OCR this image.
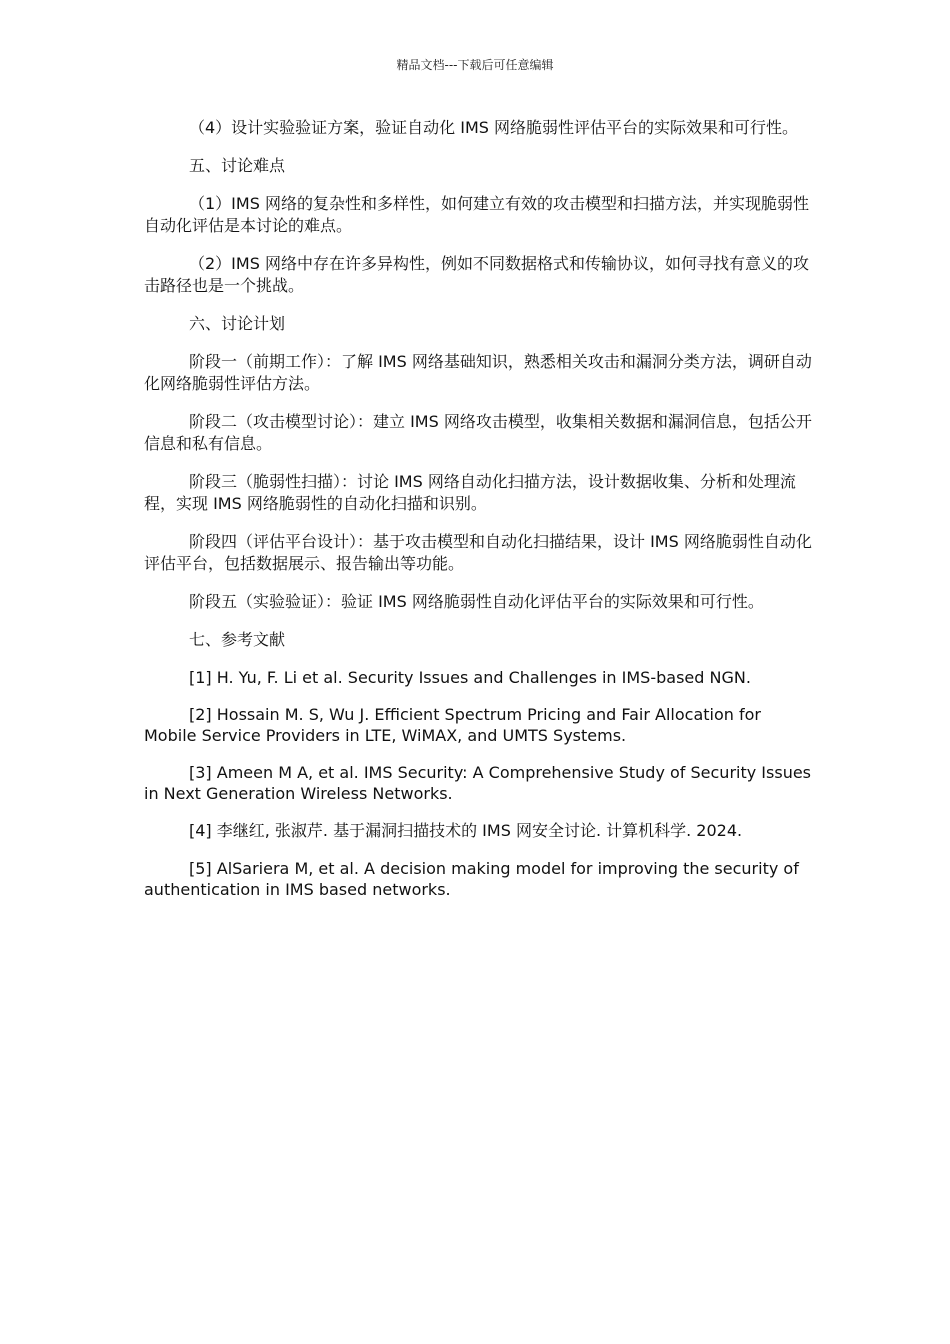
精品文档---下载后可任意编辑

（4）设计实验验证方案，验证自动化 IMS 网络脆弱性评估平台的实际效果和可行性。

五、讨论难点

（1）IMS 网络的复杂性和多样性，如何建立有效的攻击模型和扫描方法，并实现脆弱性自动化评估是本讨论的难点。

（2）IMS 网络中存在许多异构性，例如不同数据格式和传输协议，如何寻找有意义的攻击路径也是一个挑战。

六、讨论计划

阶段一（前期工作）：了解 IMS 网络基础知识，熟悉相关攻击和漏洞分类方法，调研自动化网络脆弱性评估方法。

阶段二（攻击模型讨论）：建立 IMS 网络攻击模型，收集相关数据和漏洞信息，包括公开信息和私有信息。

阶段三（脆弱性扫描）：讨论 IMS 网络自动化扫描方法，设计数据收集、分析和处理流程，实现 IMS 网络脆弱性的自动化扫描和识别。

阶段四（评估平台设计）：基于攻击模型和自动化扫描结果，设计 IMS 网络脆弱性自动化评估平台，包括数据展示、报告输出等功能。

阶段五（实验验证）：验证 IMS 网络脆弱性自动化评估平台的实际效果和可行性。

七、参考文献

[1] H. Yu, F. Li et al. Security Issues and Challenges in IMS-based NGN.

[2] Hossain M. S, Wu J. Efficient Spectrum Pricing and Fair Allocation for Mobile Service Providers in LTE, WiMAX, and UMTS Systems.

[3] Ameen M A, et al. IMS Security: A Comprehensive Study of Security Issues in Next Generation Wireless Networks.

[4] 李继红, 张淑芹. 基于漏洞扫描技术的 IMS 网安全讨论. 计算机科学. 2024.

[5] AlSariera M, et al. A decision making model for improving the security of authentication in IMS based networks.
